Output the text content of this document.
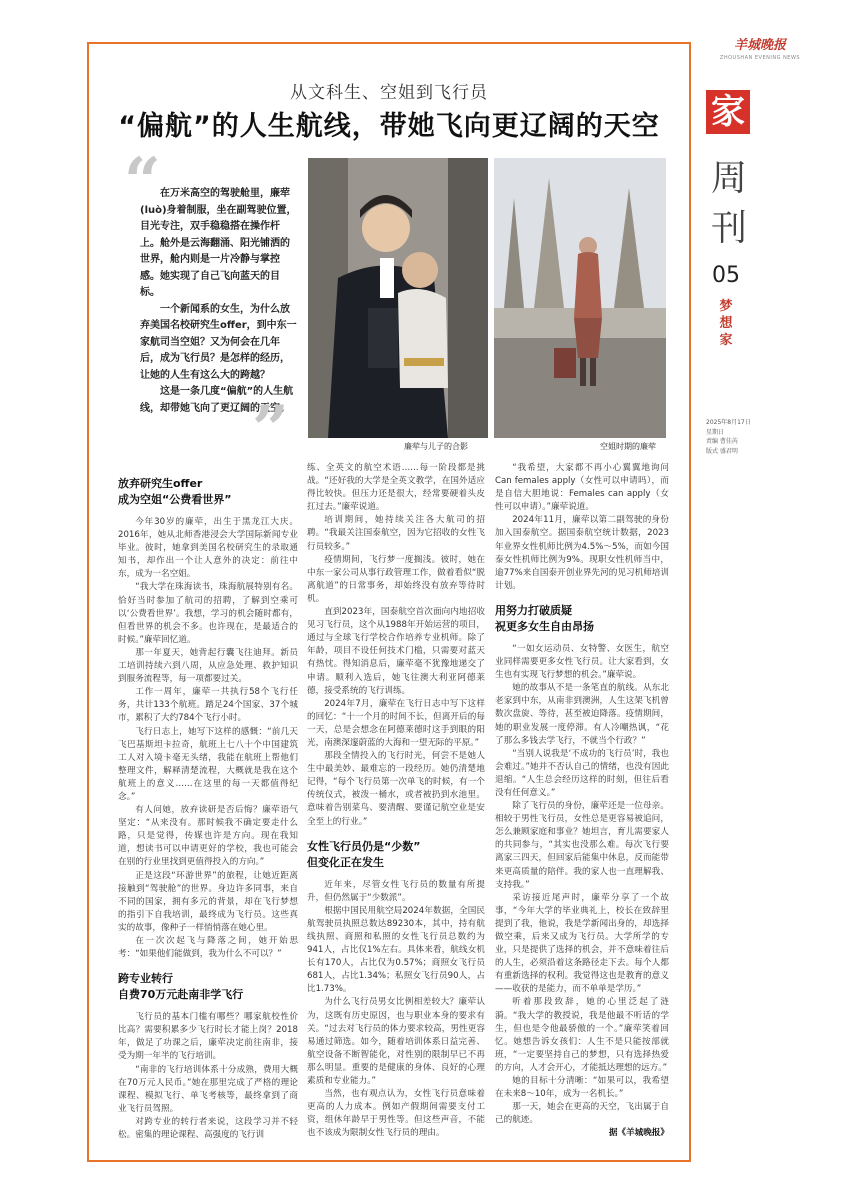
羊城晚报
ZHOUSHAN EVENING NEWS
家
周
刊
05
梦
想
家
2025年8月17日
星期日
责编 曹佳芮
版式 盛君明
从文科生、空姐到飞行员
“偏航”的人生航线，带她飞向更辽阔的天空
“ 在万米高空的驾驶舱里，廉荦(luò)身着制服，坐在副驾驶位置，目光专注，双手稳稳搭在操作杆上。舱外是云海翻涌、阳光铺洒的世界，舱内则是一片冷静与掌控感。她实现了自己飞向蓝天的目标。

一个新闻系的女生，为什么放弃美国名校研究生offer，到中东一家航司当空姐？又为何会在几年后，成为飞行员？是怎样的经历，让她的人生有这么大的跨越？

这是一条几度“偏航”的人生航线，却带她飞向了更辽阔的天空。

”	廉荦与儿子的合影	空姐时期的廉荦
放弃研究生offer
成为空姐“公费看世界”

今年30岁的廉荦，出生于黑龙江大庆。2016年，她从北师香港浸会大学国际新闻专业毕业。彼时，她拿到美国名校研究生的录取通知书，却作出一个让人意外的决定：前往中东，成为一名空姐。

“我大学在珠海读书，珠海航展特别有名。恰好当时参加了航司的招聘，了解到空乘可以‘公费看世界’。我想，学习的机会随时都有，但看世界的机会不多。也许现在，是最适合的时候。”廉荦回忆道。

那一年夏天，她背起行囊飞往迪拜。新员工培训持续六到八周，从应急处理、救护知识到服务流程等，每一项都要过关。

工作一周年，廉荦一共执行58个飞行任务，共计133个航班。踏足24个国家、37个城市，累积了大约784个飞行小时。

飞行日志上，她写下这样的感慨：“前几天飞巴基斯坦卡拉奇，航班上七八十个中国建筑工人对入境卡毫无头绪，我能在航班上帮他们整理文件，解释清楚流程，大概就是我在这个航班上的意义……在这里的每一天都值得纪念。”

有人问她，放弃读研是否后悔？廉荦语气坚定：“从来没有。那时候我不确定要走什么路，只是觉得，传媒也许是方向。现在我知道，想读书可以申请更好的学校，我也可能会在别的行业里找到更值得投入的方向。”

正是这段“环游世界”的旅程，让她近距离接触到“驾驶舱”的世界。身边许多同事，来自不同的国家，拥有多元的背景，却在飞行梦想的指引下自我培训，最终成为飞行员。这些真实的故事，像种子一样悄悄落在她心里。

在一次次起飞与降落之间，她开始思考：“如果他们能做到，我为什么不可以？”

跨专业转行
自费70万元赴南非学飞行

飞行员的基本门槛有哪些？哪家航校性价比高？需要积累多少飞行时长才能上岗？2018年，做足了功课之后，廉荦决定前往南非，接受为期一年半的飞行培训。

“南非的飞行培训体系十分成熟，费用大概在70万元人民币。”她在那里完成了严格的理论课程、模拟飞行、单飞考核等，最终拿到了商业飞行员驾照。

对跨专业的转行者来说，这段学习并不轻松。密集的理论课程、高强度的飞行训

练、全英文的航空术语……每一阶段都是挑战。“还好我的大学是全英文教学，在国外适应得比较快。但压力还是很大，经常要硬着头皮扛过去。”廉荦说道。

培训期间，她持续关注各大航司的招聘。“我最关注国泰航空，因为它招收的女性飞行员较多。”

疫情期间，飞行梦一度搁浅。彼时，她在中东一家公司从事行政管理工作，做着看似“脱离航道”的日常事务，却始终没有放弃等待时机。

直到2023年，国泰航空首次面向内地招收见习飞行员，这个从1988年开始运营的项目，通过与全球飞行学校合作培养专业机师。除了年龄，项目不设任何技术门槛，只需要对蓝天有热忱。得知消息后，廉荦毫不犹豫地递交了申请。顺利入选后，她飞往澳大利亚阿德莱德，接受系统的飞行训练。

2024年7月，廉荦在飞行日志中写下这样的回忆：“十一个月的时间不长，但离开后的每一天，总是会想念在阿德莱德时这手到眼的阳光，南澳深邃蔚蓝的大海和一望无际的平原。”

那段全情投入的飞行时光，何尝不是她人生中最美妙、最难忘的一段经历。她仍清楚地记得，“每个飞行员第一次单飞的时候，有一个传统仪式，被泼一桶水，或者被扔到水池里。意味着告别菜鸟、要清醒、要谨记航空业是安全至上的行业。”

女性飞行员仍是“少数”
但变化正在发生

近年来，尽管女性飞行员的数量有所提升，但仍然属于“少数派”。

根据中国民用航空局2024年数据，全国民航驾驶员执照总数达89230本，其中，持有航线执照、商照和私照的女性飞行员总数约为941人，占比仅1%左右。具体来看，航线女机长有170人，占比仅为0.57%；商照女飞行员681人，占比1.34%；私照女飞行员90人，占比1.73%。

为什么飞行员男女比例相差较大？廉荦认为，这既有历史原因，也与职业本身的要求有关。“过去对飞行员的体力要求较高，男性更容易通过筛选。如今，随着培训体系日益完善、航空设备不断智能化，对性别的限制早已不再那么明显。重要的是健康的身体、良好的心理素质和专业能力。”

当然，也有观点认为，女性飞行员意味着更高的人力成本。例如产假期间需要支付工资，组休年龄早于男性等。但这些声音，不能也不该成为限制女性飞行员的理由。

“我希望，大家都不再小心翼翼地询问Can females apply（女性可以申请吗），而是自信大胆地说：Females can apply（女性可以申请）。”廉荦说道。

2024年11月，廉荦以第二副驾驶的身份加入国泰航空。据国泰航空统计数据，2023年业界女性机师比例为4.5%～5%，而如今国泰女性机师比例为9%。现职女性机师当中，逾77%来自国泰开创业界先河的见习机师培训计划。

用努力打破质疑
祝更多女生自由昂扬

“一如女运动员、女特警、女医生，航空业同样需要更多女性飞行员。让大家看到，女生也有实现飞行梦想的机会。”廉荦说。

她的故事从不是一条笔直的航线。从东北老家到中东，从南非到澳洲，人生这架飞机曾数次盘旋、等待，甚至被迫降落。疫情期间，她的职业发展一度停滞。有人冷嘲热讽，“花了那么多钱去学飞行，不就当个行政？”

“当别人说我是‘不成功的飞行员’时，我也会难过。”她并不否认自己的情绪，也没有因此退缩。“人生总会经历这样的时刻，但往后看没有任何意义。”

除了飞行员的身份，廉荦还是一位母亲。相较于男性飞行员，女性总是更容易被追问，怎么兼顾家庭和事业？她坦言，育儿需要家人的共同参与，“其实也没那么难。每次飞行要离家三四天，但回家后能集中休息，反而能带来更高质量的陪伴。我的家人也一直理解我、支持我。”

采访接近尾声时，廉荦分享了一个故事，“今年大学的毕业典礼上，校长在致辞里提到了我，他说，我是学新闻出身的，却选择做空乘，后来又成为飞行员。大学所学的专业，只是提供了选择的机会，并不意味着往后的人生，必须沿着这条路径走下去。每个人都有重新选择的权利。我觉得这也是教育的意义——收获的是能力，而不单单是学历。”

听着那段致辞，她的心里泛起了涟漪。“我大学的教授说，我是他最不听话的学生，但也是令他最骄傲的一个。”廉荦笑着回忆。她想告诉女孩们：人生不是只能按部就班，“一定要坚持自己的梦想，只有选择热爱的方向，人才会开心，才能抵达理想的远方。”

她的目标十分清晰：“如果可以，我希望在未来8～10年，成为一名机长。”

那一天，她会在更高的天空，飞出属于自己的航迹。

据《羊城晚报》
